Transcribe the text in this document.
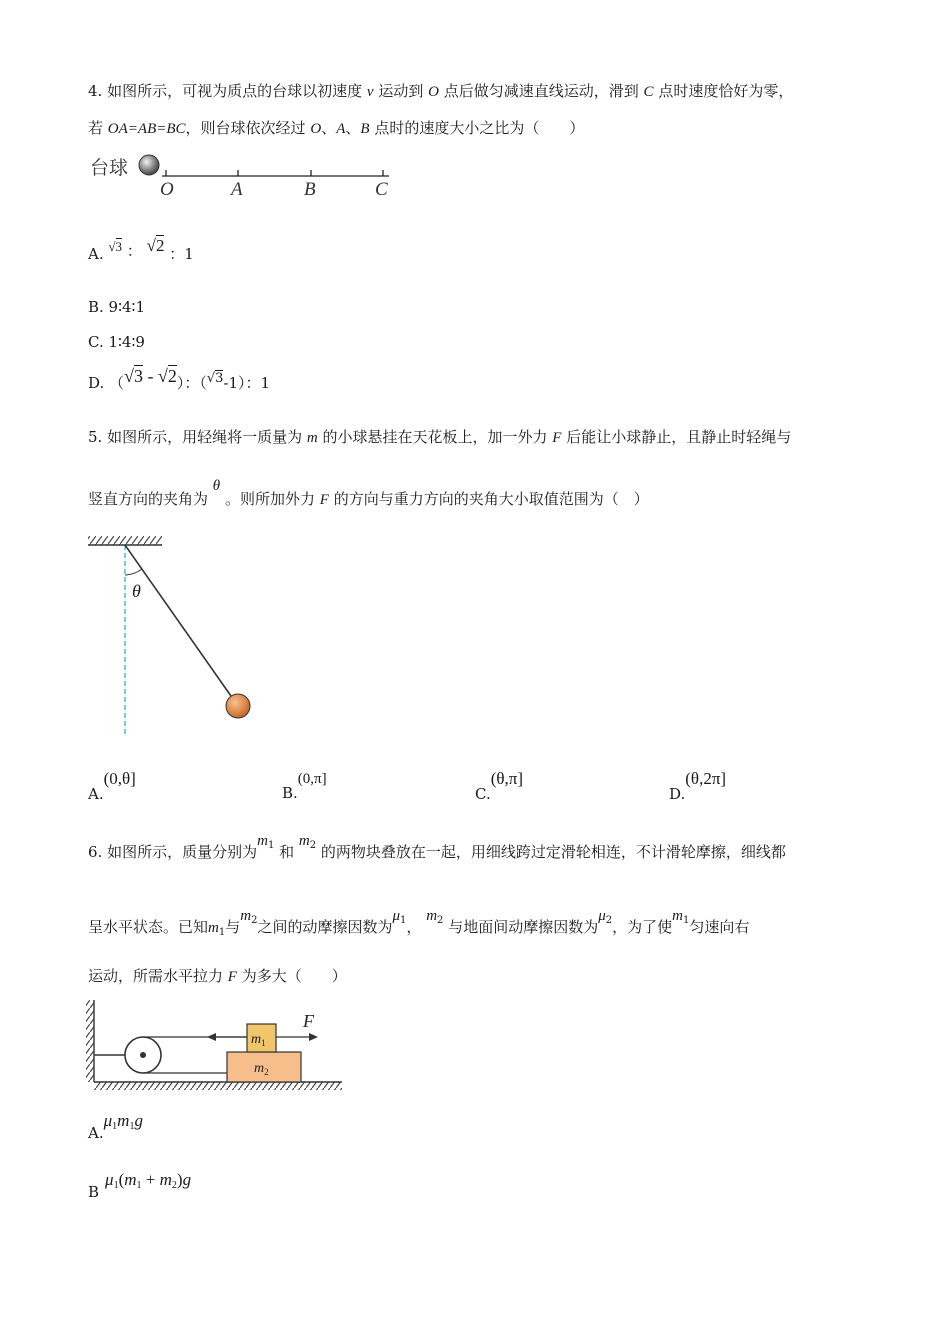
4. 如图所示，可视为质点的台球以初速度 v 运动到 O 点后做匀减速直线运动，滑到 C 点时速度恰好为零，
若 OA=AB=BC，则台球依次经过 O、A、B 点时的速度大小之比为（　　）
台球
O	A	B	C
A. √3 ： √2 ：1
B. 9∶4∶1
C. 1∶4∶9
D. （√3 - √2）：（√3-1）：1
5. 如图所示，用轻绳将一质量为 m 的小球悬挂在天花板上，加一外力 F 后能让小球静止，且静止时轻绳与
竖直方向的夹角为 θ 。则所加外力 F 的方向与重力方向的夹角大小取值范围为（　）
θ
A.(0,θ]
B.(0,π]
C.(θ,π]
D.(θ,2π]
6. 如图所示，质量分别为$m_1$ 和 $m_2$ 的两物块叠放在一起，用细线跨过定滑轮相连，不计滑轮摩擦，细线都
呈水平状态。已知$m_1$与$m_2$之间的动摩擦因数为$\mu_1$， $m_2$ 与地面间动摩擦因数为$\mu_2$，为了使$m_1$匀速向右
运动，所需水平拉力 F 为多大（　　）
F
$m_1$
$m_2$
$A.\mu_1m_1g$
$B\mu_1(m_1 + m_2)g$
